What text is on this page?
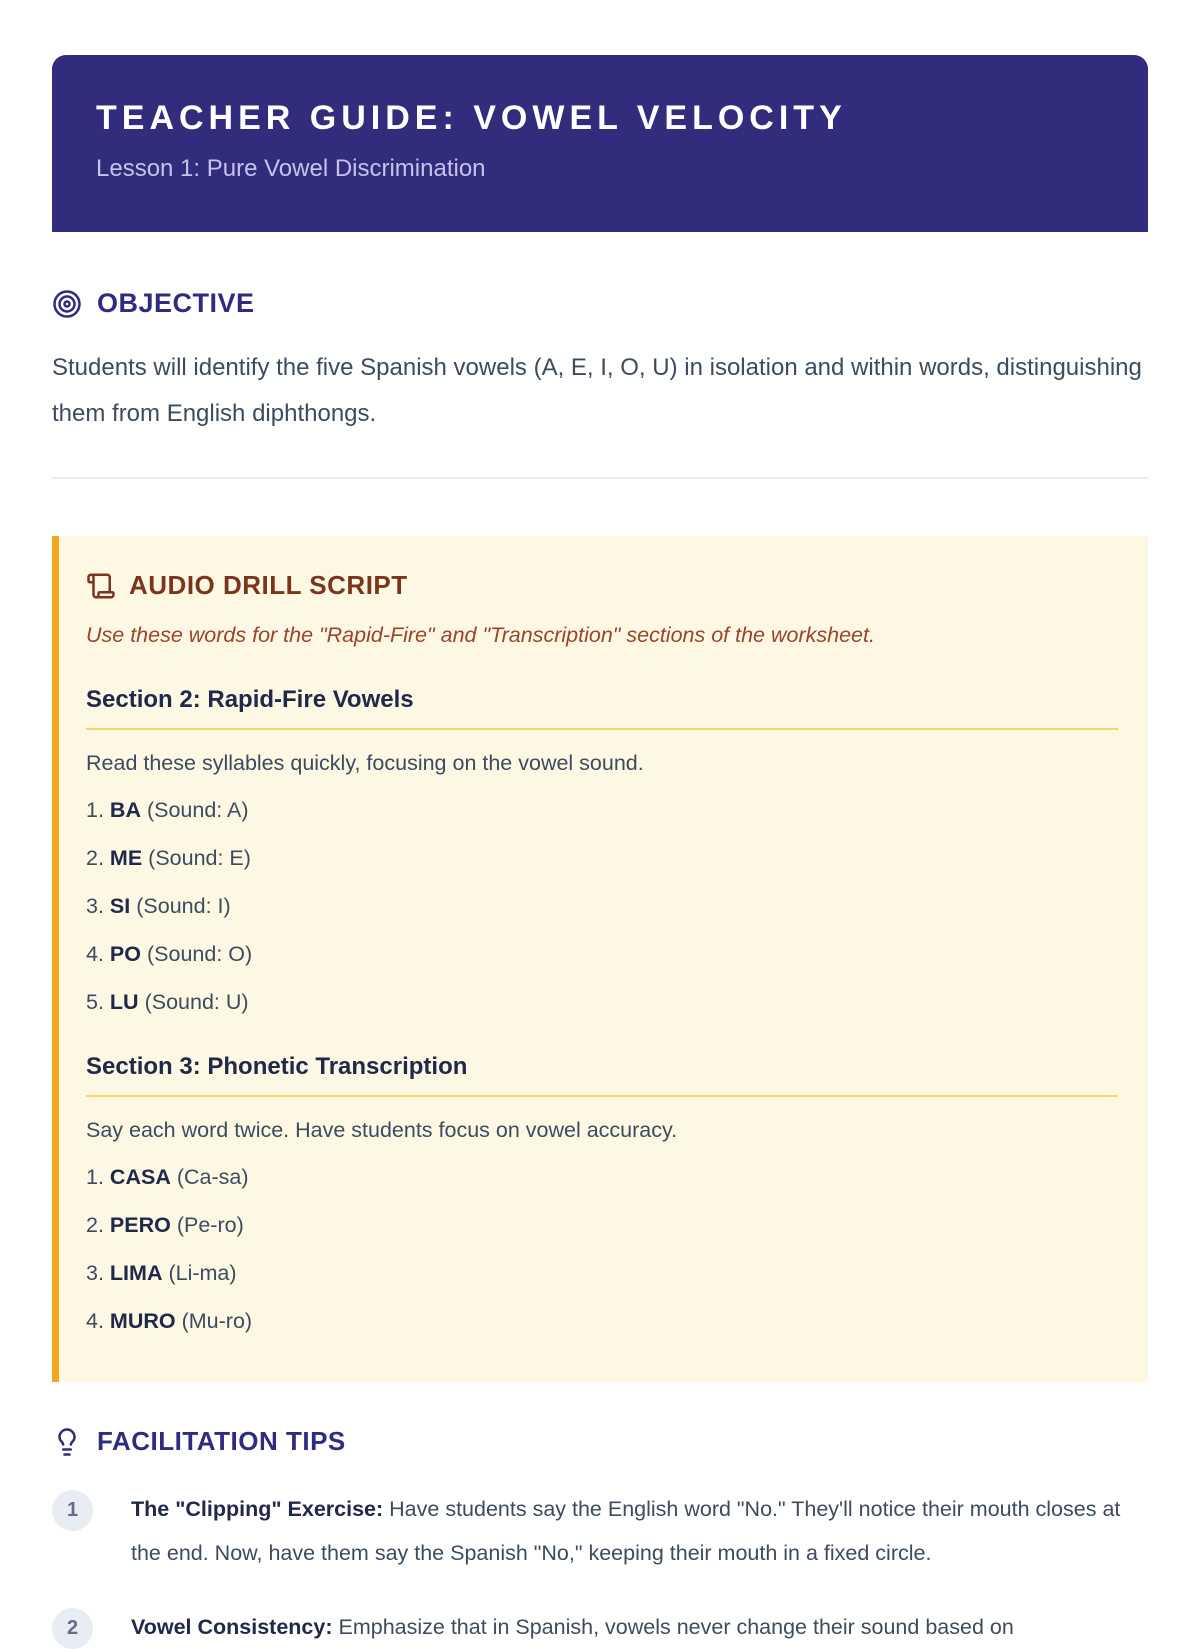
TEACHER GUIDE: VOWEL VELOCITY

Lesson 1: Pure Vowel Discrimination

OBJECTIVE

Students will identify the five Spanish vowels (A, E, I, O, U) in isolation and within words, distinguishing them from English diphthongs.

AUDIO DRILL SCRIPT

Use these words for the "Rapid-Fire" and "Transcription" sections of the worksheet.

Section 2: Rapid-Fire Vowels

Read these syllables quickly, focusing on the vowel sound.

1. BA (Sound: A)
2. ME (Sound: E)
3. SI (Sound: I)
4. PO (Sound: O)
5. LU (Sound: U)
Section 3: Phonetic Transcription

Say each word twice. Have students focus on vowel accuracy.

1. CASA (Ca-sa)
2. PERO (Pe-ro)
3. LIMA (Li-ma)
4. MURO (Mu-ro)
FACILITATION TIPS
1	The "Clipping" Exercise: Have students say the English word "No." They'll notice their mouth closes at the end. Now, have them say the Spanish "No," keeping their mouth in a fixed circle.
2	Vowel Consistency: Emphasize that in Spanish, vowels never change their sound based on
